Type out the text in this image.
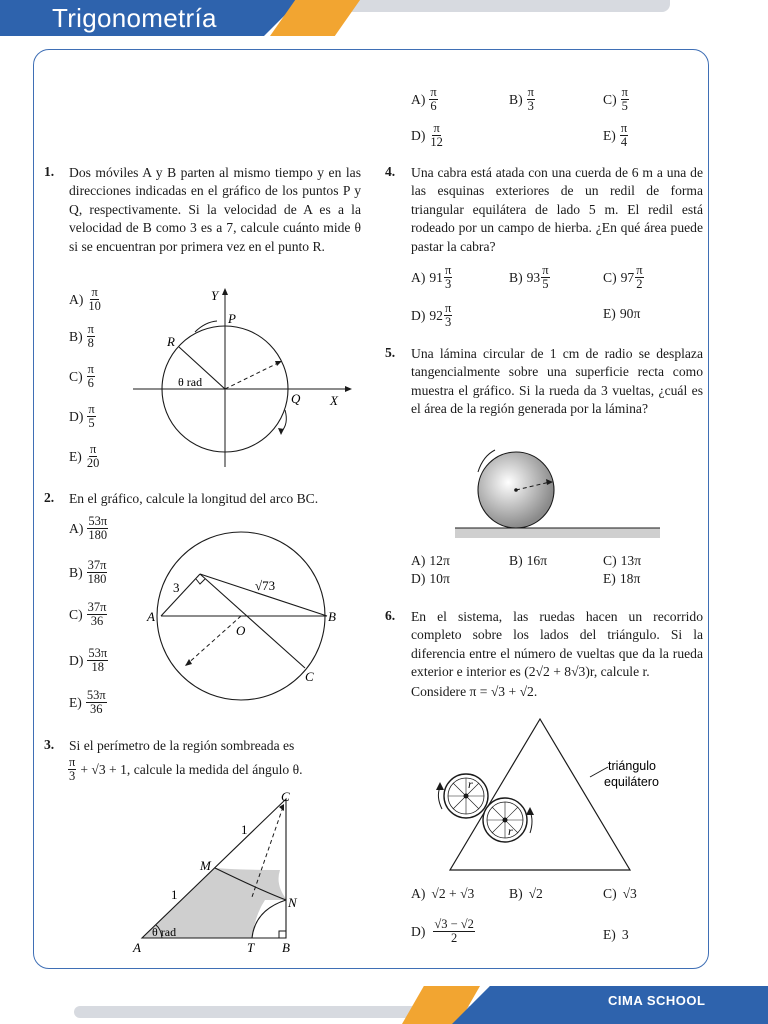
Trigonometría
CIMA SCHOOL
$A) \frac{\pi}{6}$	$B) \frac{\pi}{3}$	$C) \frac{\pi}{5}$
$D) \frac{\pi}{12}$	$E) \frac{\pi}{4}$
1. Dos móviles A y B parten al mismo tiempo y en las direcciones indicadas en el gráfico de los puntos P y Q, respectivamente. Si la velocidad de A es a la velocidad de B como 3 es a 7, calcule cuánto mide θ si se encuentran por primera vez en el punto R.
$A) \frac{\pi}{10}$
$B) \frac{\pi}{8}$
$C) \frac{\pi}{6}$
$D) \frac{\pi}{5}$
$E) \frac{\pi}{20}$
Y
X
P
Q
R
θ rad
2. En el gráfico, calcule la longitud del arco BC.
$A) \frac{53\pi}{180}$
$B) \frac{37\pi}{180}$
$C) \frac{37\pi}{36}$
$D) \frac{53\pi}{18}$
$E) \frac{53\pi}{36}$
A	B
C
O
3	√73
3. Si el perímetro de la región sombreada es
$\frac{\pi}{3} + √3 + 1$, calcule la medida del ángulo θ.
A	B
C
M
N
T
1
1
θ rad
4. Una cabra está atada con una cuerda de 6 m a una de las esquinas exteriores de un redil de forma triangular equilátera de lado 5 m. El redil está rodeado por un campo de hierba. ¿En qué área puede pastar la cabra?
A) $91 \frac{\pi}{3}$	B) $93 \frac{\pi}{5}$	C) $97 \frac{\pi}{2}$
D) $92 \frac{\pi}{3}$	E) 90π
5. Una lámina circular de 1 cm de radio se desplaza tangencialmente sobre una superficie recta como muestra el gráfico. Si la rueda da 3 vueltas, ¿cuál es el área de la región generada por la lámina?
A) 12π	B) 16π	C) 13π
D) 10π	E) 18π
6. En el sistema, las ruedas hacen un recorrido completo sobre los lados del triángulo. Si la diferencia entre el número de vueltas que da la rueda exterior e interior es (2√2 + 8√3)r, calcule r.
Considere π = √3 + √2.
triángulo
equilátero
r
r
A) √2 + √3	B) √2	C) √3
$D) \frac{√3 - √2}{2}$	E) 3
